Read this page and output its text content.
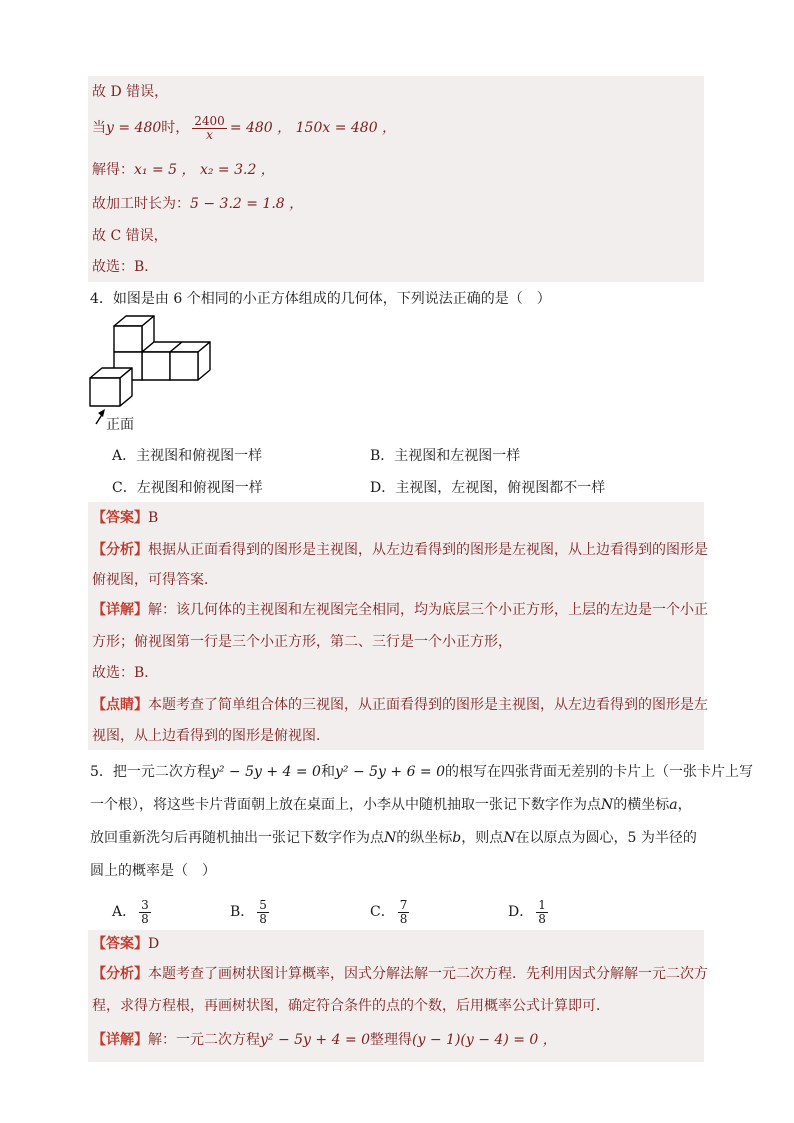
故 D 错误，
当y = 480时， $\frac{2400}{x} = 480$ ， 150x = 480 ，
解得：x₁ = 5 ， x₂ = 3.2 ，
故加工时长为：5 − 3.2 = 1.8 ，
故 C 错误，
故选：B．
4．如图是由 6 个相同的小正方体组成的几何体，下列说法正确的是（　）
正面
A．主视图和俯视图一样	B．主视图和左视图一样
C．左视图和俯视图一样	D．主视图，左视图，俯视图都不一样
【答案】B
【分析】根据从正面看得到的图形是主视图，从左边看得到的图形是左视图，从上边看得到的图形是
俯视图，可得答案．
【详解】解：该几何体的主视图和左视图完全相同，均为底层三个小正方形，上层的左边是一个小正
方形；俯视图第一行是三个小正方形，第二、三行是一个小正方形，
故选：B．
【点睛】本题考查了简单组合体的三视图，从正面看得到的图形是主视图，从左边看得到的图形是左
视图，从上边看得到的图形是俯视图．
5．把一元二次方程y² − 5y + 4 = 0和y² − 5y + 6 = 0的根写在四张背面无差别的卡片上（一张卡片上写
一个根），将这些卡片背面朝上放在桌面上，小李从中随机抽取一张记下数字作为点N的横坐标a，
放回重新洗匀后再随机抽出一张记下数字作为点N的纵坐标b，则点N在以原点为圆心，5 为半径的
圆上的概率是（　）
A． $\frac{3}{8}$	B． $\frac{5}{8}$	C． $\frac{7}{8}$	D． $\frac{1}{8}$
【答案】D
【分析】本题考查了画树状图计算概率，因式分解法解一元二次方程．先利用因式分解解一元二次方
程，求得方程根，再画树状图，确定符合条件的点的个数，后用概率公式计算即可．
【详解】解：一元二次方程y² − 5y + 4 = 0整理得(y − 1)(y − 4) = 0 ，
